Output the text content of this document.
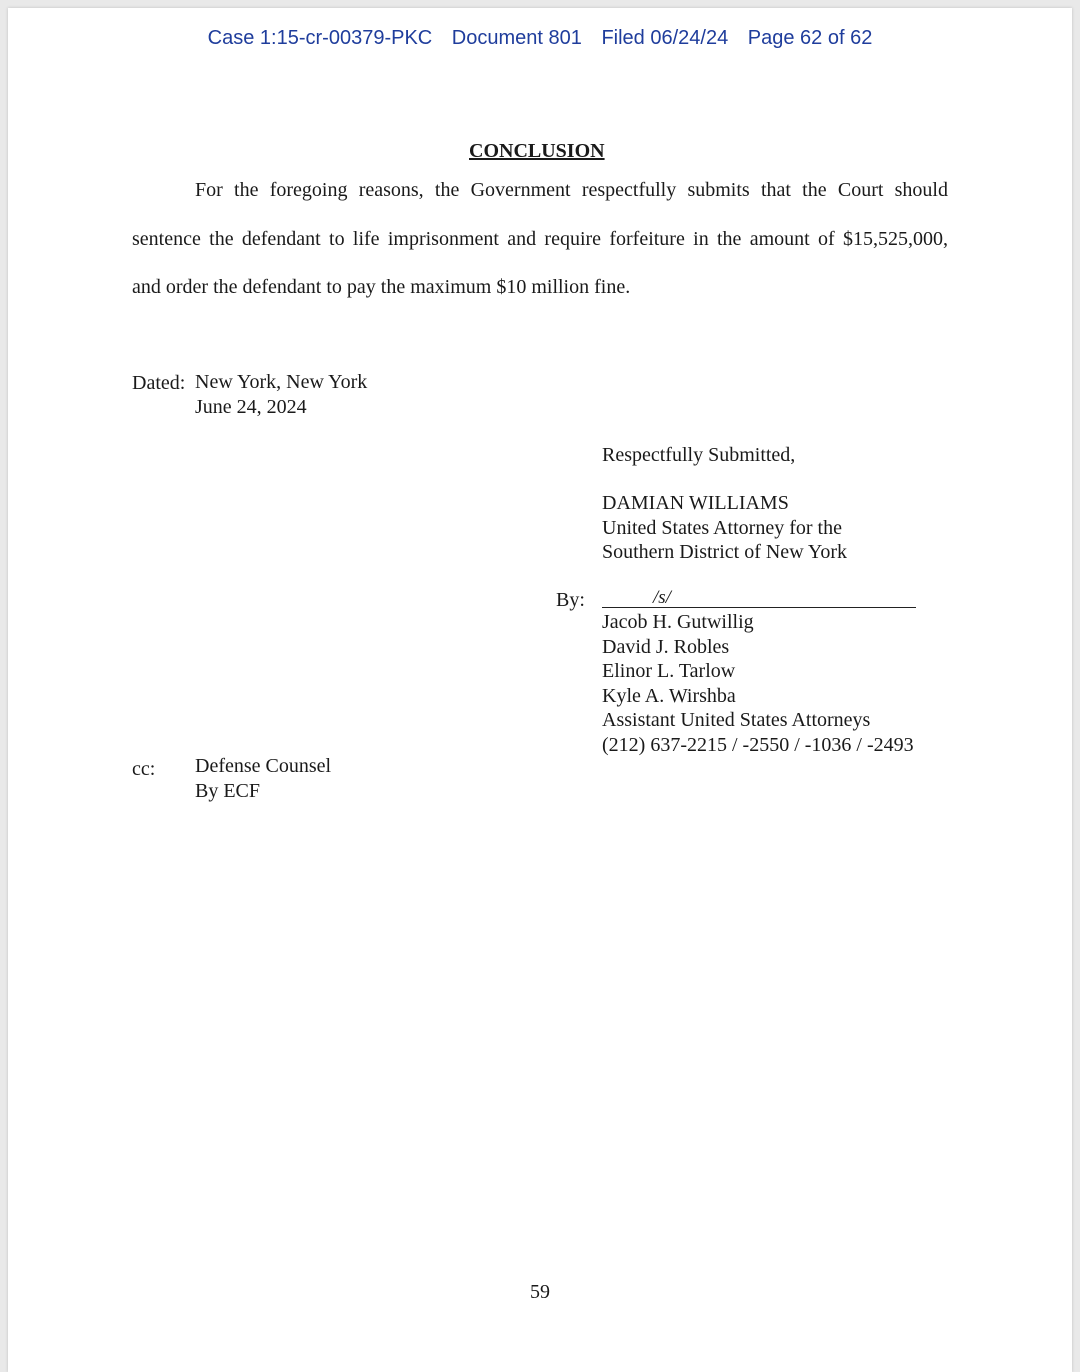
Case 1:15-cr-00379-PKC Document 801 Filed 06/24/24 Page 62 of 62
CONCLUSION
For the foregoing reasons, the Government respectfully submits that the Court should
sentence the defendant to life imprisonment and require forfeiture in the amount of $15,525,000,
and order the defendant to pay the maximum $10 million fine.
Dated: New York, New York
June 24, 2024
Respectfully Submitted,
DAMIAN WILLIAMS
United States Attorney for the
Southern District of New York
By:	/s/
Jacob H. Gutwillig
David J. Robles
Elinor L. Tarlow
Kyle A. Wirshba
Assistant United States Attorneys
(212) 637-2215 / -2550 / -1036 / -2493
cc: Defense Counsel
By ECF
59
